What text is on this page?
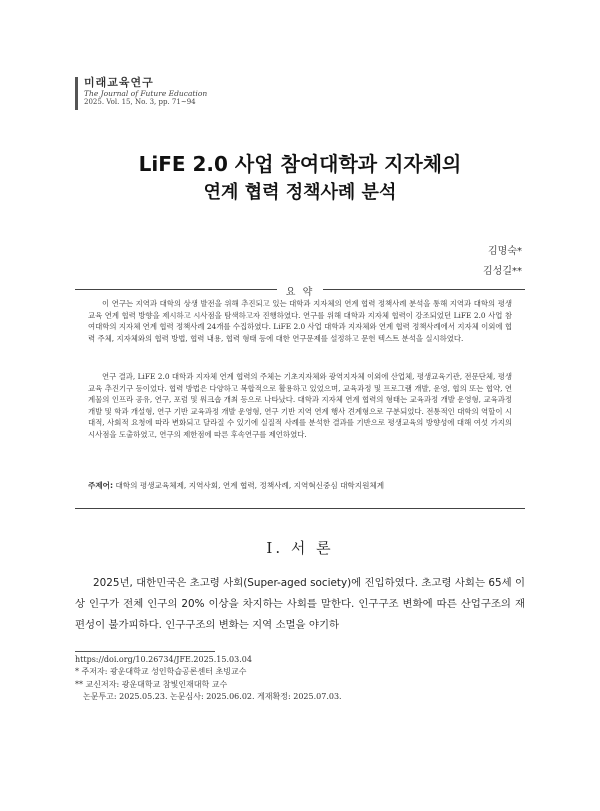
미래교육연구
The Journal of Future Education
2025. Vol. 15, No. 3, pp. 71~94
LiFE 2.0 사업 참여대학과 지자체의
연계 협력 정책사례 분석
김명숙*
김성길**
요 약

이 연구는 지역과 대학의 상생 발전을 위해 추진되고 있는 대학과 지자체의 연계 협력 정책사례 분석을 통해 지역과 대학의 평생교육 연계 협력 방향을 제시하고 시사점을 탐색하고자 진행하였다. 연구를 위해 대학과 지자체 협력이 강조되었던 LiFE 2.0 사업 참여대학의 지자체 연계 협력 정책사례 24개를 수집하였다. LiFE 2.0 사업 대학과 지자체와 연계 협력 정책사례에서 지자체 이외에 협력 주체, 지자체와의 협력 방법, 협력 내용, 협력 형태 등에 대한 연구문제를 설정하고 문헌 텍스트 분석을 실시하였다.

연구 결과, LiFE 2.0 대학과 지자체 연계 협력의 주체는 기초지자체와 광역지자체 이외에 산업체, 평생교육기관, 전문단체, 평생교육 추진기구 등이었다. 협력 방법은 다양하고 복합적으로 활용하고 있었으며, 교육과정 및 프로그램 개발, 운영, 협의 또는 협약, 연계물의 인프라 공유, 연구, 포럼 및 워크숍 개최 등으로 나타났다. 대학과 지자체 연계 협력의 형태는 교육과정 개발 운영형, 교육과정 개발 및 학과 개설형, 연구 기반 교육과정 개발 운영형, 연구 기반 지역 연계 행사 견계형으로 구분되었다. 전통적인 대학의 역할이 시대적, 사회적 요청에 따라 변화되고 달라질 수 있기에 실질적 사례를 분석한 결과를 기반으로 평생교육의 방향성에 대해 여섯 가지의 시사점을 도출하였고, 연구의 제한점에 따른 후속연구를 제언하였다.

주제어: 대학의 평생교육체제, 지역사회, 연계 협력, 정책사례, 지역혁신중심 대학지원체계
Ⅰ. 서 론

2025년, 대한민국은 초고령 사회(Super-aged society)에 진입하였다. 초고령 사회는 65세 이상 인구가 전체 인구의 20% 이상을 차지하는 사회를 말한다. 인구구조 변화에 따른 산업구조의 재편성이 불가피하다. 인구구조의 변화는 지역 소멸을 야기하

https://doi.org/10.26734/JFE.2025.15.03.04
* 주저자: 광운대학교 성인학습공론센터 초빙교수
** 교신저자: 광운대학교 참빛인재대학 교수
논문투고: 2025.05.23. 논문심사: 2025.06.02. 게재확정: 2025.07.03.
